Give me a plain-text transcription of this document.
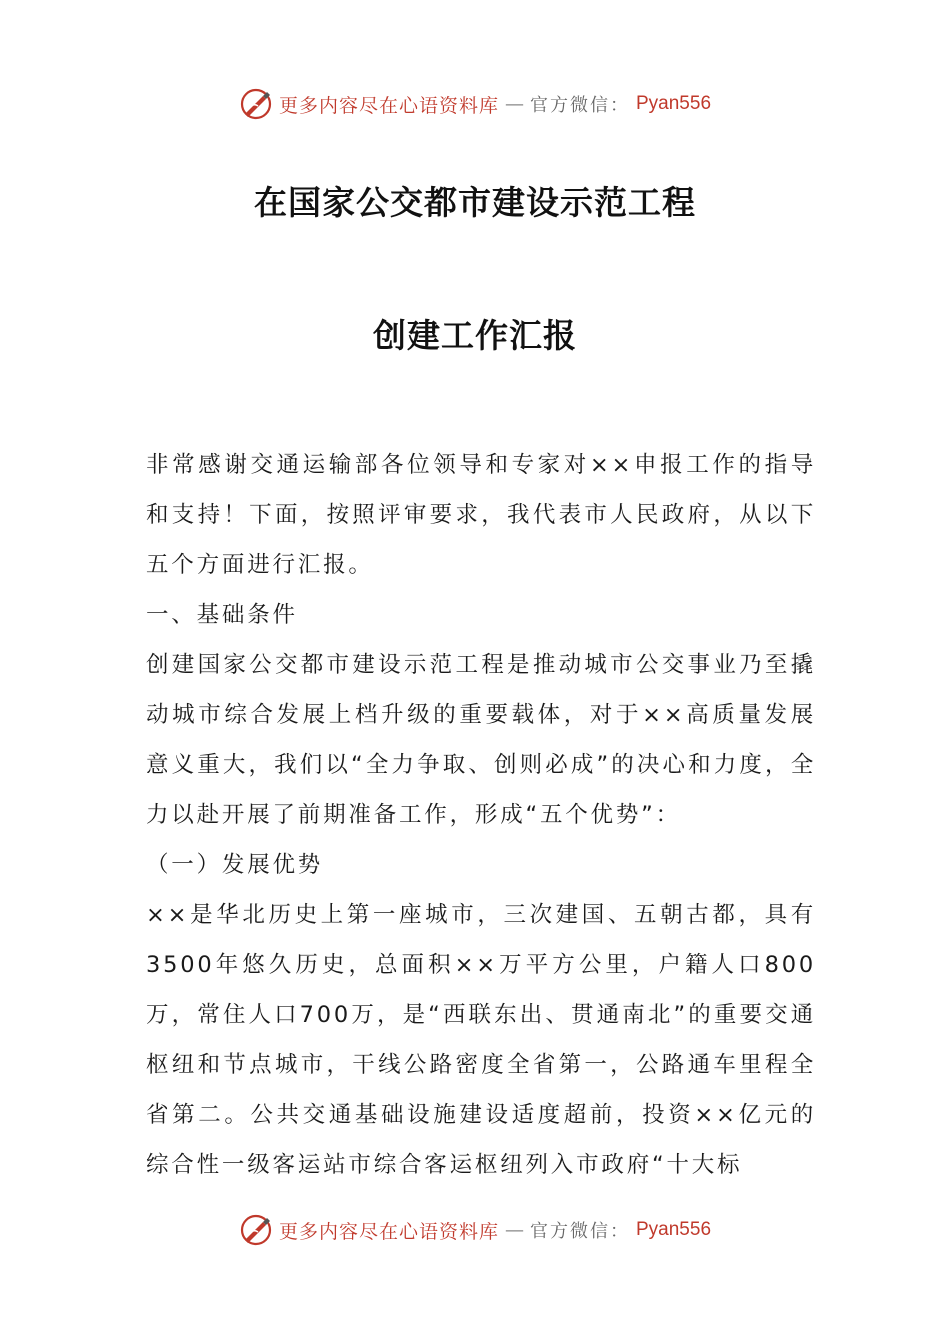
更多内容尽在心语资料库 — 官方微信： Pyan556
在国家公交都市建设示范工程
创建工作汇报

非常感谢交通运输部各位领导和专家对××申报工作的指导和支持！下面，按照评审要求，我代表市人民政府，从以下五个方面进行汇报。

一、基础条件

创建国家公交都市建设示范工程是推动城市公交事业乃至撬动城市综合发展上档升级的重要载体，对于××高质量发展意义重大，我们以“全力争取、创则必成”的决心和力度，全力以赴开展了前期准备工作，形成“五个优势”：

（一）发展优势

××是华北历史上第一座城市，三次建国、五朝古都，具有3500年悠久历史，总面积××万平方公里，户籍人口800万，常住人口700万，是“西联东出、贯通南北”的重要交通枢纽和节点城市，干线公路密度全省第一，公路通车里程全省第二。公共交通基础设施建设适度超前，投资××亿元的综合性一级客运站市综合客运枢纽列入市政府“十大标

更多内容尽在心语资料库 — 官方微信： Pyan556
